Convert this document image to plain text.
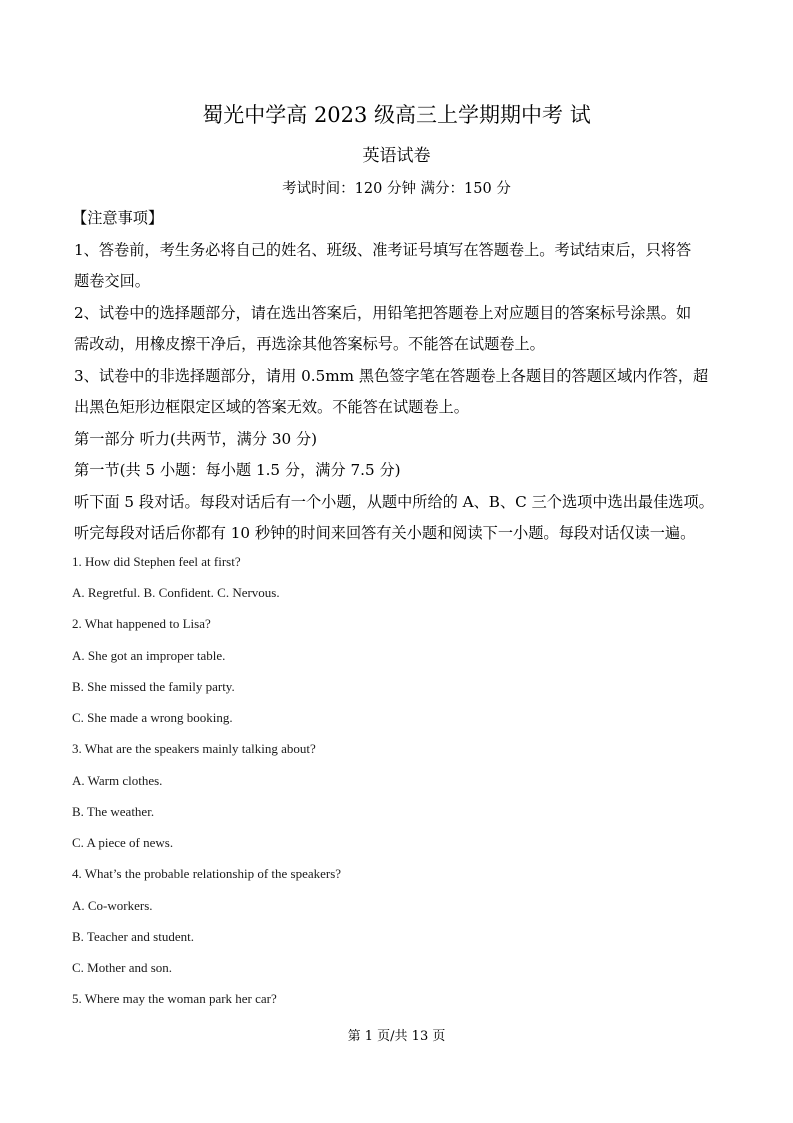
蜀光中学高 2023 级高三上学期期中考 试
英语试卷
考试时间：120 分钟 满分：150 分
【注意事项】
1、答卷前，考生务必将自己的姓名、班级、准考证号填写在答题卷上。考试结束后，只将答
题卷交回。
2、试卷中的选择题部分，请在选出答案后，用铅笔把答题卷上对应题目的答案标号涂黑。如
需改动，用橡皮擦干净后，再选涂其他答案标号。不能答在试题卷上。
3、试卷中的非选择题部分，请用 0.5mm 黑色签字笔在答题卷上各题目的答题区域内作答，超
出黑色矩形边框限定区域的答案无效。不能答在试题卷上。
第一部分 听力(共两节，满分 30 分)
第一节(共 5 小题：每小题 1.5 分，满分 7.5 分)
听下面 5 段对话。每段对话后有一个小题，从题中所给的 A、B、C 三个选项中选出最佳选项。
听完每段对话后你都有 10 秒钟的时间来回答有关小题和阅读下一小题。每段对话仅读一遍。
1. How did Stephen feel at first?
A. Regretful. B. Confident. C. Nervous.
2. What happened to Lisa?
A. She got an improper table.
B. She missed the family party.
C. She made a wrong booking.
3. What are the speakers mainly talking about?
A. Warm clothes.
B. The weather.
C. A piece of news.
4. What’s the probable relationship of the speakers?
A. Co-workers.
B. Teacher and student.
C. Mother and son.
5. Where may the woman park her car?
第 1 页/共 13 页
